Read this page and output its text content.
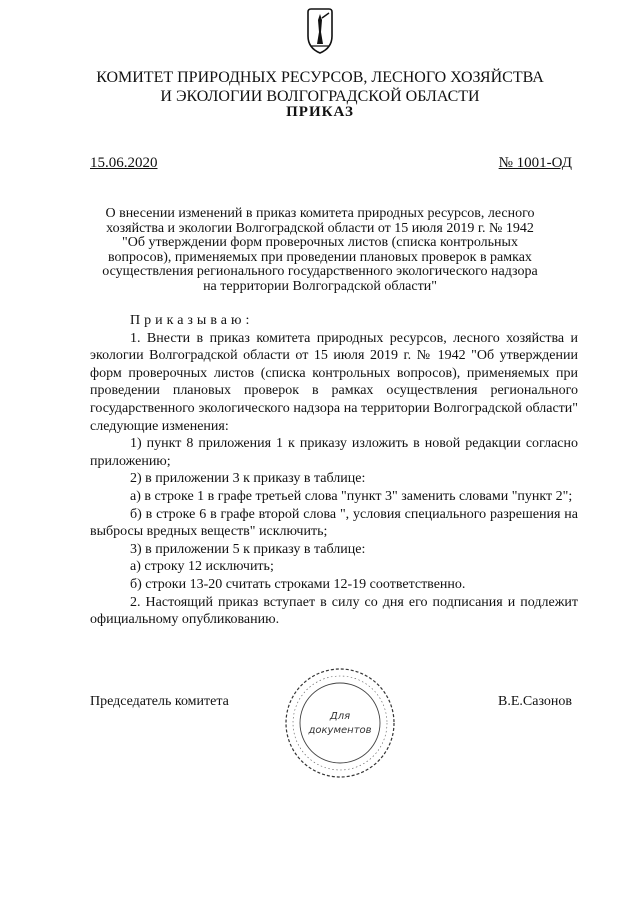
КОМИТЕТ ПРИРОДНЫХ РЕСУРСОВ, ЛЕСНОГО ХОЗЯЙСТВА
И ЭКОЛОГИИ ВОЛГОГРАДСКОЙ ОБЛАСТИ
ПРИКАЗ
15.06.2020	№ 1001-ОД
О внесении изменений в приказ комитета природных ресурсов, лесного
хозяйства и экологии Волгоградской области от 15 июля 2019 г. № 1942
"Об утверждении форм проверочных листов (списка контрольных
вопросов), применяемых при проведении плановых проверок в рамках
осуществления регионального государственного экологического надзора
на территории Волгоградской области"

Приказываю:

1. Внести в приказ комитета природных ресурсов, лесного хозяйства и экологии Волгоградской области от 15 июля 2019 г. № 1942 "Об утверждении форм проверочных листов (списка контрольных вопросов), применяемых при проведении плановых проверок в рамках осуществления регионального государственного экологического надзора на территории Волгоградской области" следующие изменения:

1) пункт 8 приложения 1 к приказу изложить в новой редакции согласно приложению;

2) в приложении 3 к приказу в таблице:

а) в строке 1 в графе третьей слова "пункт 3" заменить словами "пункт 2";

б) в строке 6 в графе второй слова ", условия специального разрешения на выбросы вредных веществ" исключить;

3) в приложении 5 к приказу в таблице:

а) строку 12 исключить;

б) строки 13-20 считать строками 12-19 соответственно.

2. Настоящий приказ вступает в силу со дня его подписания и подлежит официальному опубликованию.

Председатель комитета	В.Е.Сазонов
Для
документов
